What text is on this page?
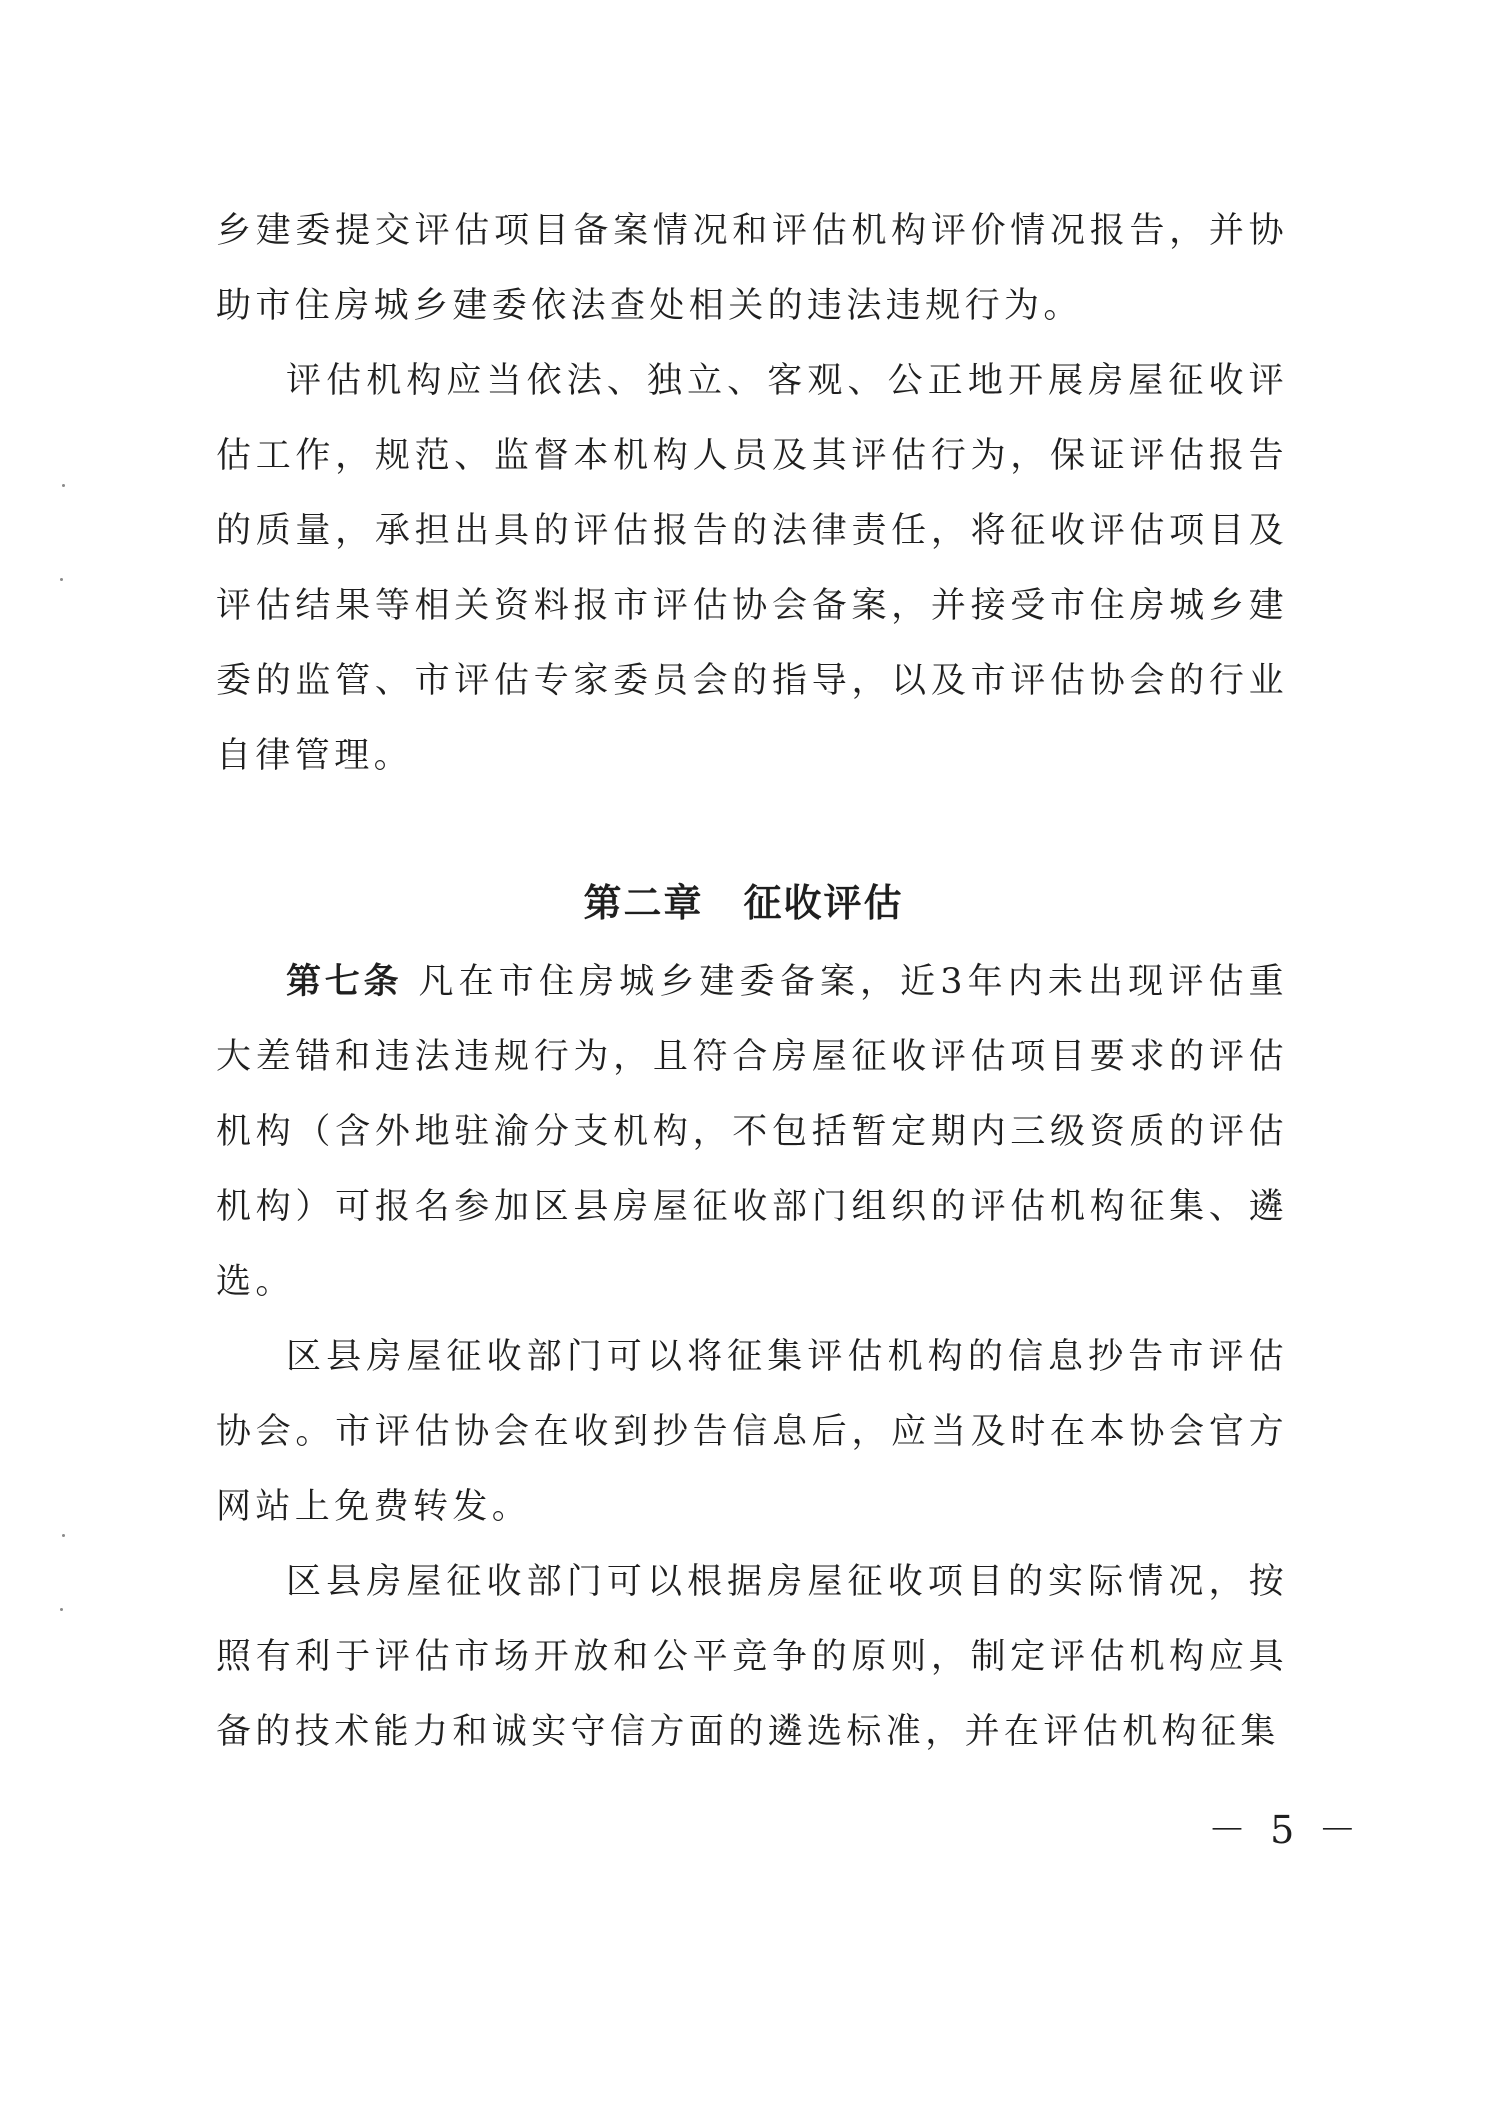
乡建委提交评估项目备案情况和评估机构评价情况报告，并协助市住房城乡建委依法查处相关的违法违规行为。

评估机构应当依法、独立、客观、公正地开展房屋征收评估工作，规范、监督本机构人员及其评估行为，保证评估报告的质量，承担出具的评估报告的法律责任，将征收评估项目及评估结果等相关资料报市评估协会备案，并接受市住房城乡建委的监管、市评估专家委员会的指导，以及市评估协会的行业自律管理。

第二章　征收评估

第七条 凡在市住房城乡建委备案，近3年内未出现评估重大差错和违法违规行为，且符合房屋征收评估项目要求的评估机构（含外地驻渝分支机构，不包括暂定期内三级资质的评估机构）可报名参加区县房屋征收部门组织的评估机构征集、遴选。

区县房屋征收部门可以将征集评估机构的信息抄告市评估协会。市评估协会在收到抄告信息后，应当及时在本协会官方网站上免费转发。

区县房屋征收部门可以根据房屋征收项目的实际情况，按照有利于评估市场开放和公平竞争的原则，制定评估机构应具备的技术能力和诚实守信方面的遴选标准，并在评估机构征集

－ 5 －
